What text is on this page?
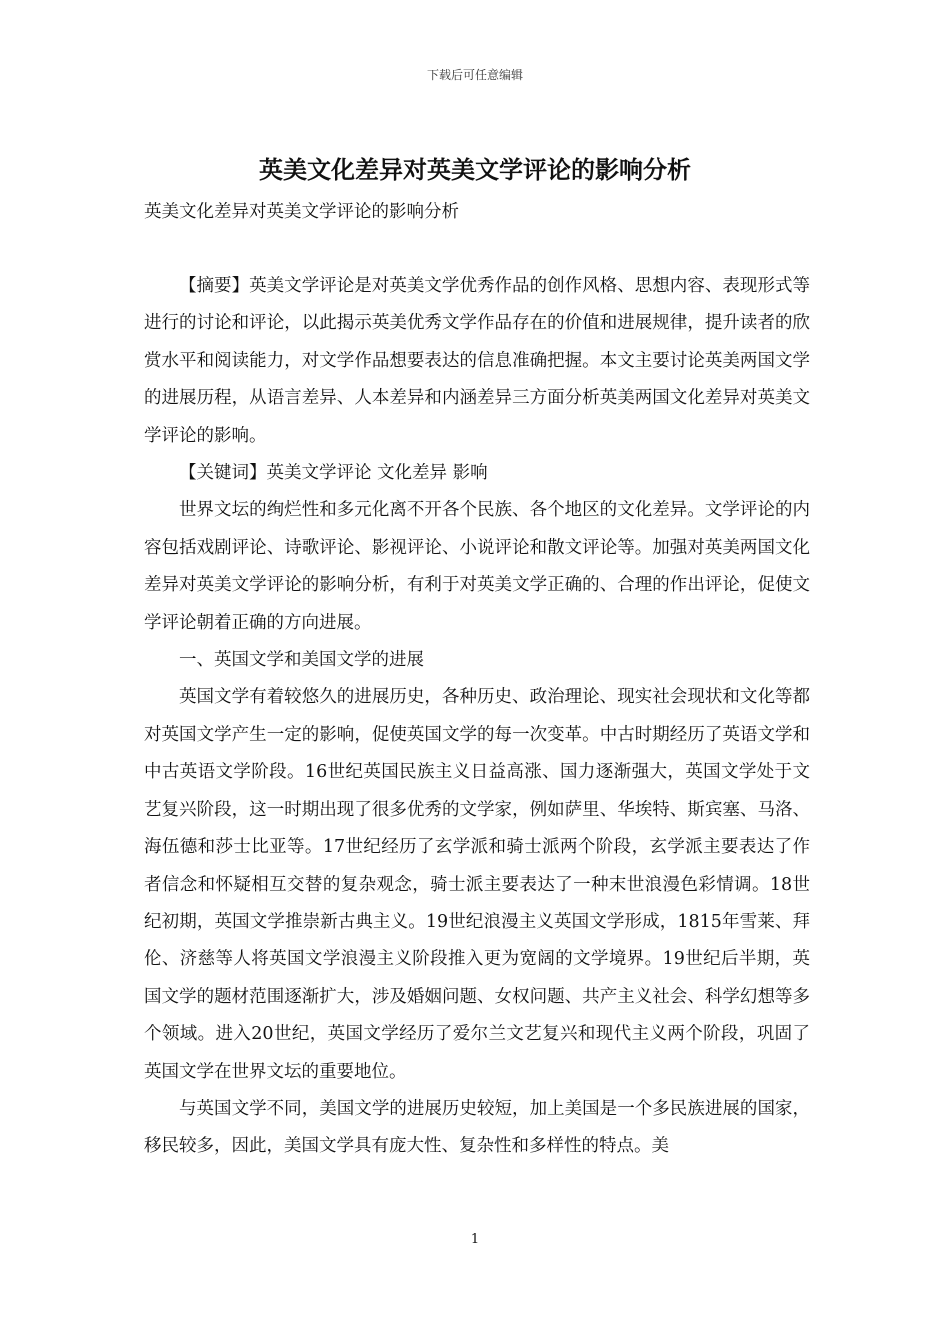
下载后可任意编辑
英美文化差异对英美文学评论的影响分析

英美文化差异对英美文学评论的影响分析

【摘要】英美文学评论是对英美文学优秀作品的创作风格、思想内容、表现形式等进行的讨论和评论，以此揭示英美优秀文学作品存在的价值和进展规律，提升读者的欣赏水平和阅读能力，对文学作品想要表达的信息准确把握。本文主要讨论英美两国文学的进展历程，从语言差异、人本差异和内涵差异三方面分析英美两国文化差异对英美文学评论的影响。

【关键词】英美文学评论 文化差异 影响

世界文坛的绚烂性和多元化离不开各个民族、各个地区的文化差异。文学评论的内容包括戏剧评论、诗歌评论、影视评论、小说评论和散文评论等。加强对英美两国文化差异对英美文学评论的影响分析，有利于对英美文学正确的、合理的作出评论，促使文学评论朝着正确的方向进展。

一、英国文学和美国文学的进展

英国文学有着较悠久的进展历史，各种历史、政治理论、现实社会现状和文化等都对英国文学产生一定的影响，促使英国文学的每一次变革。中古时期经历了英语文学和中古英语文学阶段。16世纪英国民族主义日益高涨、国力逐渐强大，英国文学处于文艺复兴阶段，这一时期出现了很多优秀的文学家，例如萨里、华埃特、斯宾塞、马洛、海伍德和莎士比亚等。17世纪经历了玄学派和骑士派两个阶段，玄学派主要表达了作者信念和怀疑相互交替的复杂观念，骑士派主要表达了一种末世浪漫色彩情调。18世纪初期，英国文学推崇新古典主义。19世纪浪漫主义英国文学形成，1815年雪莱、拜伦、济慈等人将英国文学浪漫主义阶段推入更为宽阔的文学境界。19世纪后半期，英国文学的题材范围逐渐扩大，涉及婚姻问题、女权问题、共产主义社会、科学幻想等多个领域。进入20世纪，英国文学经历了爱尔兰文艺复兴和现代主义两个阶段，巩固了英国文学在世界文坛的重要地位。

与英国文学不同，美国文学的进展历史较短，加上美国是一个多民族进展的国家，移民较多，因此，美国文学具有庞大性、复杂性和多样性的特点。美

1
